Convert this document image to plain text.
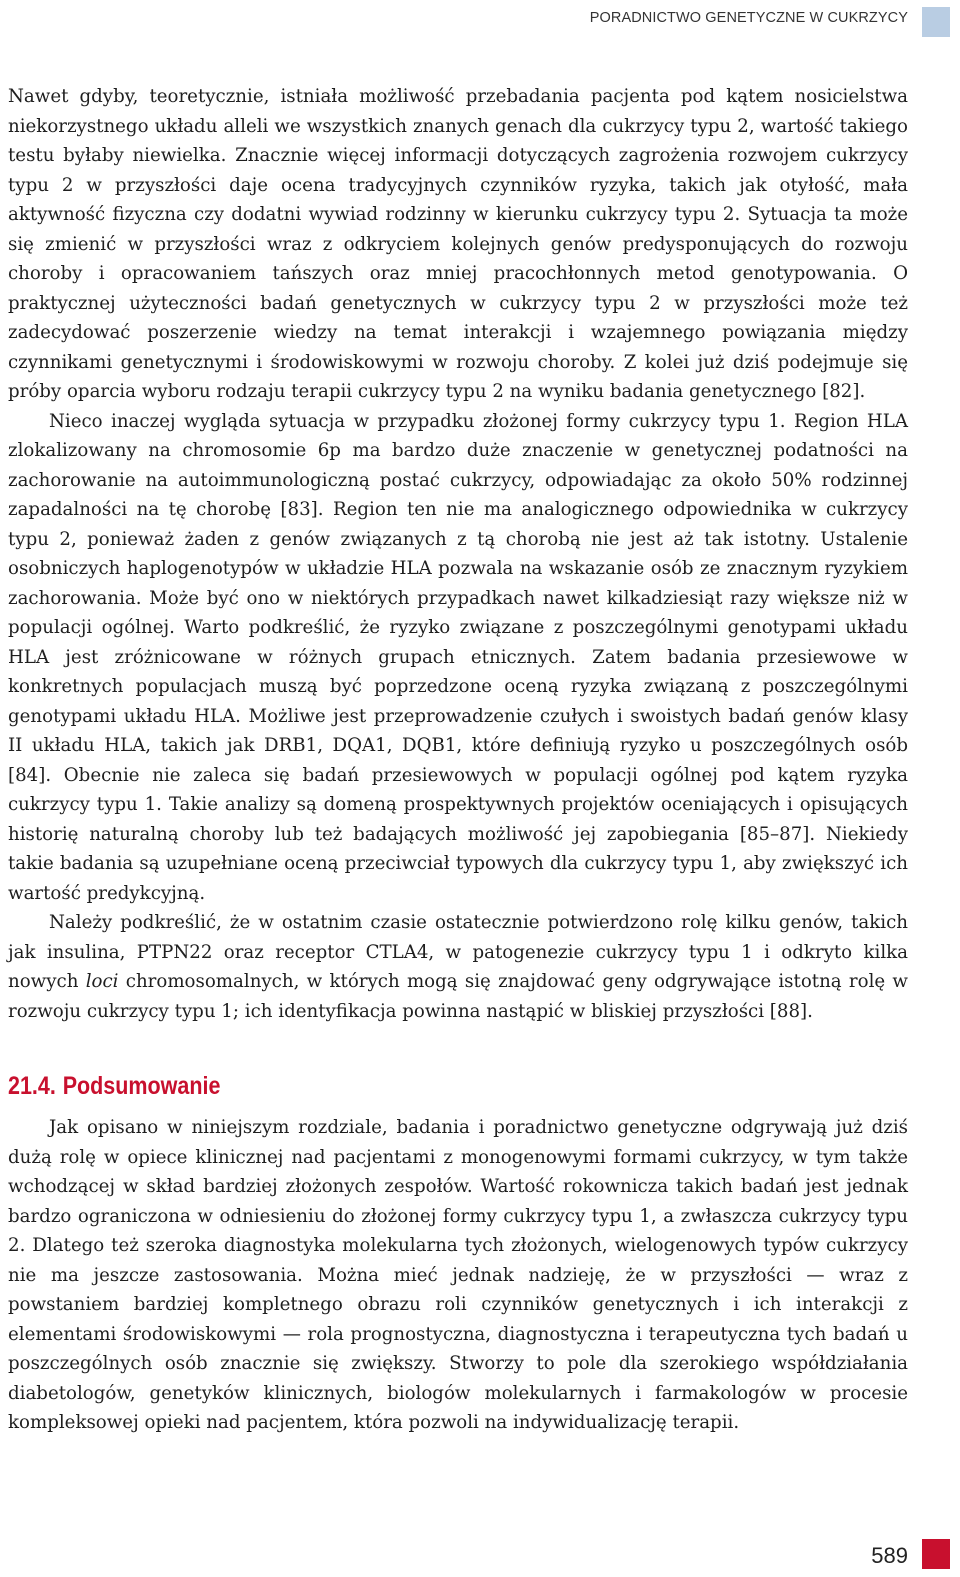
PORADNICTWO GENETYCZNE W CUKRZYCY

Nawet gdyby, teoretycznie, istniała możliwość przebadania pacjenta pod kątem nosicielstwa niekorzystnego układu alleli we wszystkich znanych genach dla cukrzycy typu 2, wartość takiego testu byłaby niewielka. Znacznie więcej informacji dotyczących zagrożenia rozwojem cukrzycy typu 2 w przyszłości daje ocena tradycyjnych czynników ryzyka, takich jak otyłość, mała aktywność fizyczna czy dodatni wywiad rodzinny w kierunku cukrzycy typu 2. Sytuacja ta może się zmienić w przyszłości wraz z odkryciem kolejnych genów predysponujących do rozwoju choroby i opracowaniem tańszych oraz mniej pracochłonnych metod genotypowania. O praktycznej użyteczności badań genetycznych w cukrzycy typu 2 w przyszłości może też zadecydować poszerzenie wiedzy na temat interakcji i wzajemnego powiązania między czynnikami genetycznymi i środowiskowymi w rozwoju choroby. Z kolei już dziś podejmuje się próby oparcia wyboru rodzaju terapii cukrzycy typu 2 na wyniku badania genetycznego [82].

Nieco inaczej wygląda sytuacja w przypadku złożonej formy cukrzycy typu 1. Region HLA zlokalizowany na chromosomie 6p ma bardzo duże znaczenie w genetycznej podatności na zachorowanie na autoimmunologiczną postać cukrzycy, odpowiadając za około 50% rodzinnej zapadalności na tę chorobę [83]. Region ten nie ma analogicznego odpowiednika w cukrzycy typu 2, ponieważ żaden z genów związanych z tą chorobą nie jest aż tak istotny. Ustalenie osobniczych haplogenotypów w układzie HLA pozwala na wskazanie osób ze znacznym ryzykiem zachorowania. Może być ono w niektórych przypadkach nawet kilkadziesiąt razy większe niż w populacji ogólnej. Warto podkreślić, że ryzyko związane z poszczególnymi genotypami układu HLA jest zróżnicowane w różnych grupach etnicznych. Zatem badania przesiewowe w konkretnych populacjach muszą być poprzedzone oceną ryzyka związaną z poszczególnymi genotypami układu HLA. Możliwe jest przeprowadzenie czułych i swoistych badań genów klasy II układu HLA, takich jak DRB1, DQA1, DQB1, które definiują ryzyko u poszczególnych osób [84]. Obecnie nie zaleca się badań przesiewowych w populacji ogólnej pod kątem ryzyka cukrzycy typu 1. Takie analizy są domeną prospektywnych projektów oceniających i opisujących historię naturalną choroby lub też badających możliwość jej zapobiegania [85–87]. Niekiedy takie badania są uzupełniane oceną przeciwciał typowych dla cukrzycy typu 1, aby zwiększyć ich wartość predykcyjną.

Należy podkreślić, że w ostatnim czasie ostatecznie potwierdzono rolę kilku genów, takich jak insulina, PTPN22 oraz receptor CTLA4, w patogenezie cukrzycy typu 1 i odkryto kilka nowych loci chromosomalnych, w których mogą się znajdować geny odgrywające istotną rolę w rozwoju cukrzycy typu 1; ich identyfikacja powinna nastąpić w bliskiej przyszłości [88].

21.4. Podsumowanie

Jak opisano w niniejszym rozdziale, badania i poradnictwo genetyczne odgrywają już dziś dużą rolę w opiece klinicznej nad pacjentami z monogenowymi formami cukrzycy, w tym także wchodzącej w skład bardziej złożonych zespołów. Wartość rokownicza takich badań jest jednak bardzo ograniczona w odniesieniu do złożonej formy cukrzycy typu 1, a zwłaszcza cukrzycy typu 2. Dlatego też szeroka diagnostyka molekularna tych złożonych, wielogenowych typów cukrzycy nie ma jeszcze zastosowania. Można mieć jednak nadzieję, że w przyszłości — wraz z powstaniem bardziej kompletnego obrazu roli czynników genetycznych i ich interakcji z elementami środowiskowymi — rola prognostyczna, diagnostyczna i terapeutyczna tych badań u poszczególnych osób znacznie się zwiększy. Stworzy to pole dla szerokiego współdziałania diabetologów, genetyków klinicznych, biologów molekularnych i farmakologów w procesie kompleksowej opieki nad pacjentem, która pozwoli na indywidualizację terapii.

589
